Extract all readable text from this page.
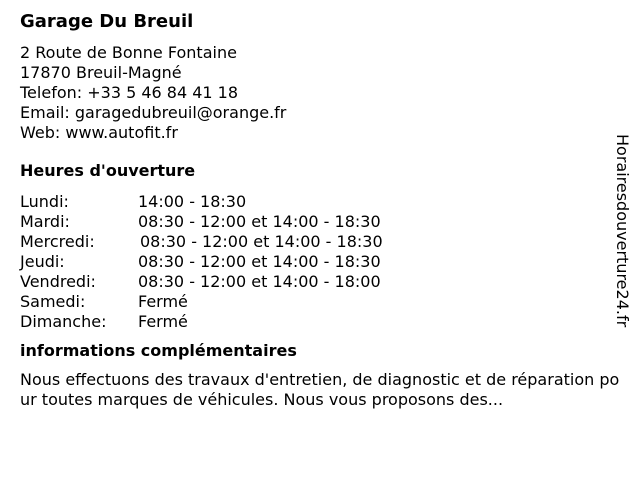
Garage Du Breuil
2 Route de Bonne Fontaine
17870 Breuil-Magné
Telefon: +33 5 46 84 41 18
Email: garagedubreuil@orange.fr
Web: www.autofit.fr
Heures d'ouverture
Lundi:	14:00 - 18:30
Mardi:	08:30 - 12:00 et 14:00 - 18:30
Mercredi:	08:30 - 12:00 et 14:00 - 18:30
Jeudi:	08:30 - 12:00 et 14:00 - 18:30
Vendredi:	08:30 - 12:00 et 14:00 - 18:00
Samedi:	Fermé
Dimanche:	Fermé
informations complémentaires
Nous effectuons des travaux d'entretien, de diagnostic et de réparation pour toutes marques de véhicules. Nous vous proposons des...
Horairesdouverture24.fr
